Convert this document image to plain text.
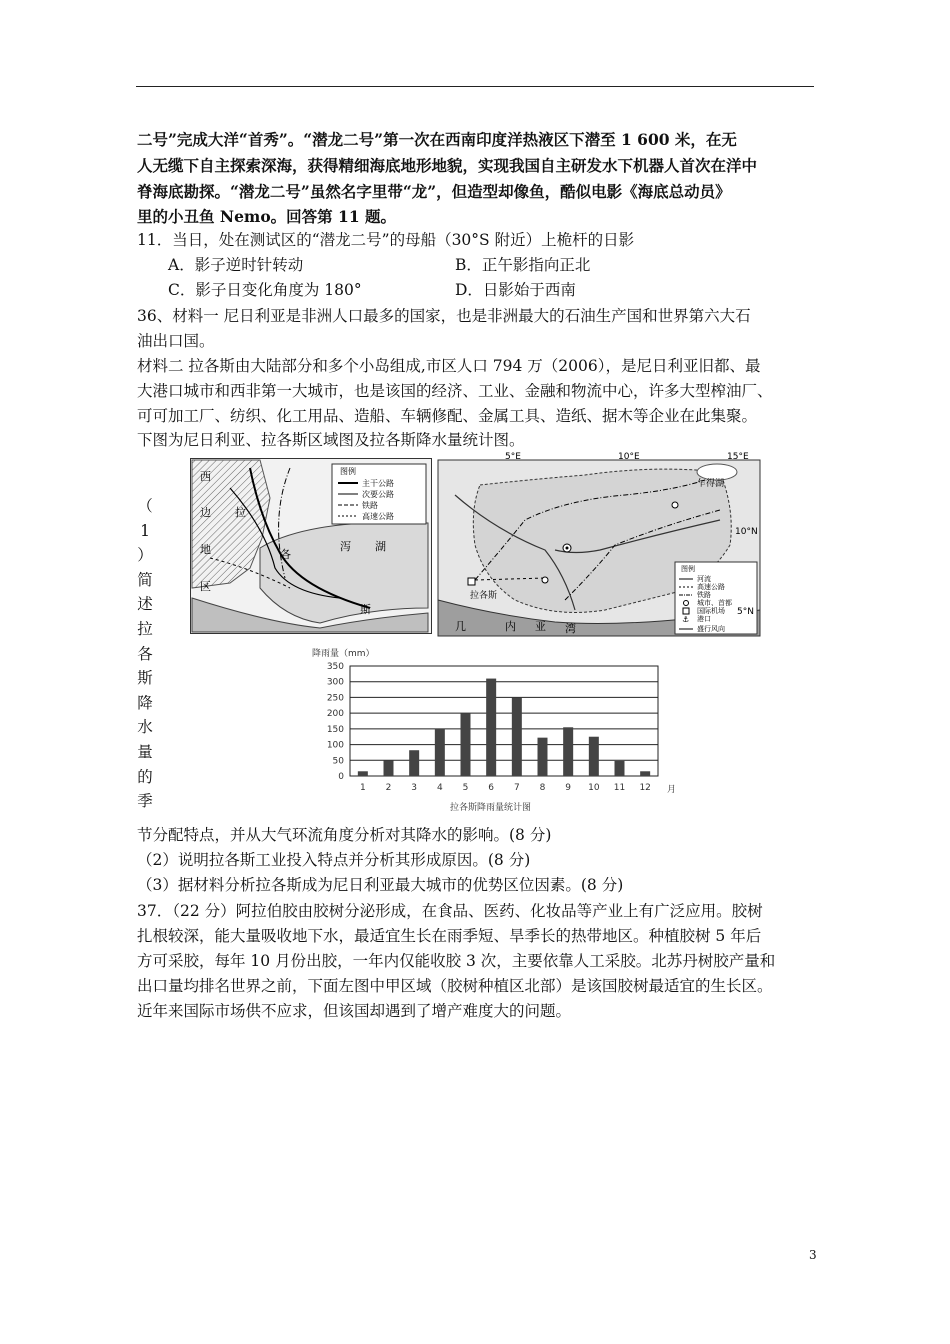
二号”完成大洋“首秀”。“潜龙二号”第一次在西南印度洋热液区下潜至 1 600 米，在无
人无缆下自主探索深海，获得精细海底地形地貌，实现我国自主研发水下机器人首次在洋中
脊海底勘探。“潜龙二号”虽然名字里带“龙”，但造型却像鱼，酷似电影《海底总动员》
里的小丑鱼 Nemo。回答第 11 题。
11．当日，处在测试区的“潜龙二号”的母船（30°S 附近）上桅杆的日影
A．影子逆时针转动	B．正午影指向正北
C．影子日变化角度为 180°	D．日影始于西南
36、材料一 尼日利亚是非洲人口最多的国家，也是非洲最大的石油生产国和世界第六大石
油出口国。
材料二 拉各斯由大陆部分和多个小岛组成,市区人口 794 万（2006），是尼日利亚旧都、最
大港口城市和西非第一大城市，也是该国的经济、工业、金融和物流中心，许多大型榨油厂、
可可加工厂、纺织、化工用品、造船、车辆修配、金属工具、造纸、据木等企业在此集聚。
下图为尼日利亚、拉各斯区域图及拉各斯降水量统计图。
（
1
）
简
述
拉
各
斯
降
水
量
的
季
图例
主干公路
次要公路
铁路
高速公路
西
边
地
区
拉
各
斯
泻 湖
图例
河流
高速公路
铁路
城市、首都
国际机场
⚓ 港口
盛行风向
5°E	10°E	15°E
10°N
5°N
乍得湖
拉各斯
几	内 亚 湾
降雨量（mm）
0
50
100
150
200
250
300
350
1 2 3 4 5 6 7 8 9 10 11 12 月
拉各斯降雨量统计图
节分配特点，并从大气环流角度分析对其降水的影响。(8 分)
（2）说明拉各斯工业投入特点并分析其形成原因。(8 分)
（3）据材料分析拉各斯成为尼日利亚最大城市的优势区位因素。(8 分)
37．（22 分）阿拉伯胶由胶树分泌形成，在食品、医药、化妆品等产业上有广泛应用。胶树
扎根较深，能大量吸收地下水，最适宜生长在雨季短、旱季长的热带地区。种植胶树 5 年后
方可采胶，每年 10 月份出胶，一年内仅能收胶 3 次，主要依靠人工采胶。北苏丹树胶产量和
出口量均排名世界之前，下面左图中甲区域（胶树种植区北部）是该国胶树最适宜的生长区。
近年来国际市场供不应求，但该国却遇到了增产难度大的问题。
3
